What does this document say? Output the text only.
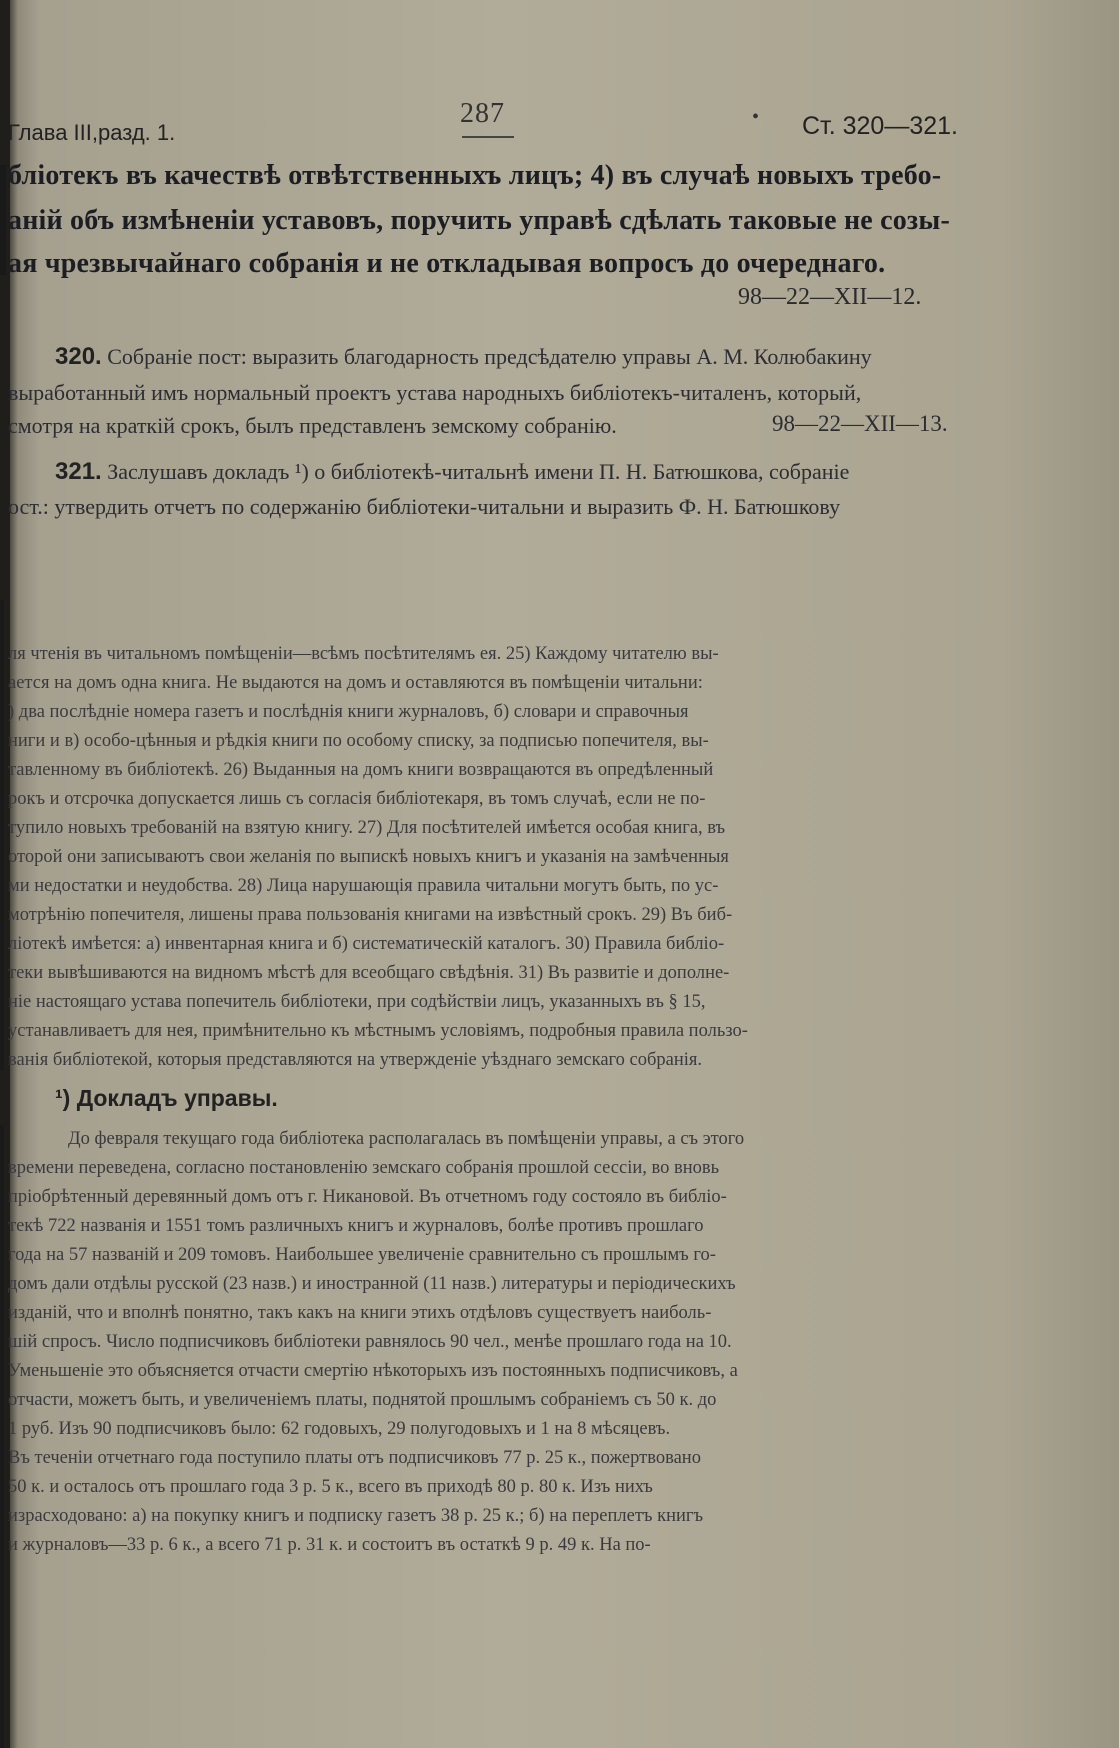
Глава III,разд. 1.
287	• Ст. 320—321.
бліотекъ въ качествѣ отвѣтственныхъ лицъ; 4) въ случаѣ новыхъ требо-
аній объ измѣненіи уставовъ, поручить управѣ сдѣлать таковые не созы-
ая чрезвычайнаго собранія и не откладывая вопросъ до очереднаго.
98—22—XII—12.
320. Собраніе пост: выразить благодарность предсѣдателю управы А. М. Колюбакину
выработанный имъ нормальный проектъ устава народныхъ библіотекъ-читаленъ, который,
смотря на краткій срокъ, былъ представленъ земскому собранію.	98—22—XII—13.
321. Заслушавъ докладъ ¹) о библіотекѣ-читальнѣ имени П. Н. Батюшкова, собраніе
ост.: утвердить отчетъ по содержанію библіотеки-читальни и выразить Ф. Н. Батюшкову
ля чтенія въ читальномъ помѣщеніи—всѣмъ посѣтителямъ ея. 25) Каждому читателю вы-
ается на домъ одна книга. Не выдаются на домъ и оставляются въ помѣщеніи читальни:
) два послѣдніе номера газетъ и послѣднія книги журналовъ, б) словари и справочныя
ниги и в) особо-цѣнныя и рѣдкія книги по особому списку, за подписью попечителя, вы-
тавленному въ библіотекѣ. 26) Выданныя на домъ книги возвращаются въ опредѣленный
рокъ и отсрочка допускается лишь съ согласія библіотекаря, въ томъ случаѣ, если не по-
тупило новыхъ требованій на взятую книгу. 27) Для посѣтителей имѣется особая книга, въ
оторой они записываютъ свои желанія по выпискѣ новыхъ книгъ и указанія на замѣченныя
ми недостатки и неудобства. 28) Лица нарушающія правила читальни могутъ быть, по ус-
мотрѣнію попечителя, лишены права пользованія книгами на извѣстный срокъ. 29) Въ биб-
ліотекѣ имѣется: а) инвентарная книга и б) систематическій каталогъ. 30) Правила библіо-
теки вывѣшиваются на видномъ мѣстѣ для всеобщаго свѣдѣнія. 31) Въ развитіе и дополне-
ніе настоящаго устава попечитель библіотеки, при содѣйствіи лицъ, указанныхъ въ § 15,
устанавливаетъ для нея, примѣнительно къ мѣстнымъ условіямъ, подробныя правила пользо-
ванія библіотекой, которыя представляются на утвержденіе уѣзднаго земскаго собранія.
¹) Докладъ управы.
До февраля текущаго года библіотека располагалась въ помѣщеніи управы, а съ этого
времени переведена, согласно постановленію земскаго собранія прошлой сессіи, во вновь
пріобрѣтенный деревянный домъ отъ г. Никановой. Въ отчетномъ году состояло въ библіо-
текѣ 722 названія и 1551 томъ различныхъ книгъ и журналовъ, болѣе противъ прошлаго
года на 57 названій и 209 томовъ. Наибольшее увеличеніе сравнительно съ прошлымъ го-
домъ дали отдѣлы русской (23 назв.) и иностранной (11 назв.) литературы и періодическихъ
изданій, что и вполнѣ понятно, такъ какъ на книги этихъ отдѣловъ существуетъ наиболь-
шій спросъ. Число подписчиковъ библіотеки равнялось 90 чел., менѣе прошлаго года на 10.
Уменьшеніе это объясняется отчасти смертію нѣкоторыхъ изъ постоянныхъ подписчиковъ, а
отчасти, можетъ быть, и увеличеніемъ платы, поднятой прошлымъ собраніемъ съ 50 к. до
1 руб. Изъ 90 подписчиковъ было: 62 годовыхъ, 29 полугодовыхъ и 1 на 8 мѣсяцевъ.
Въ теченіи отчетнаго года поступило платы отъ подписчиковъ 77 р. 25 к., пожертвовано
50 к. и осталось отъ прошлаго года 3 р. 5 к., всего въ приходѣ 80 р. 80 к. Изъ нихъ
израсходовано: а) на покупку книгъ и подписку газетъ 38 р. 25 к.; б) на переплетъ книгъ
и журналовъ—33 р. 6 к., а всего 71 р. 31 к. и состоитъ въ остаткѣ 9 р. 49 к. На по-
